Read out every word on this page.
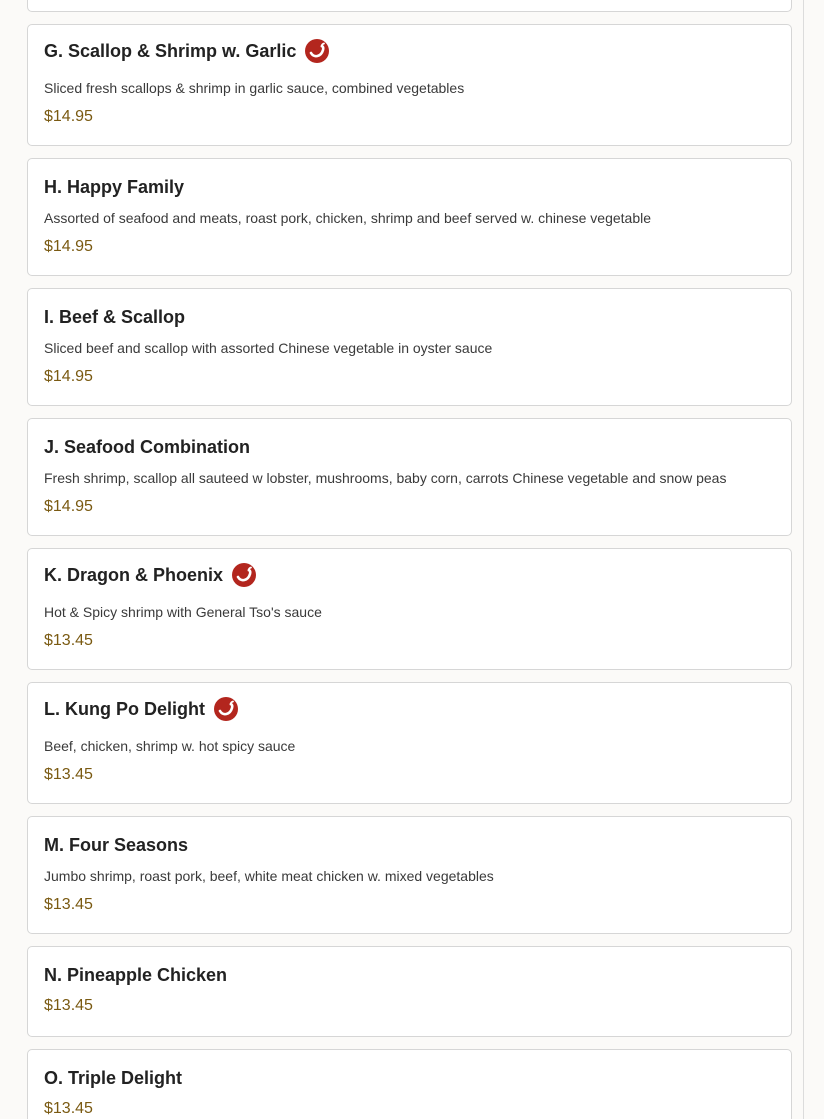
G. Scallop & Shrimp w. Garlic
Sliced fresh scallops & shrimp in garlic sauce, combined vegetables
$14.95
H. Happy Family
Assorted of seafood and meats, roast pork, chicken, shrimp and beef served w. chinese vegetable
$14.95
I. Beef & Scallop
Sliced beef and scallop with assorted Chinese vegetable in oyster sauce
$14.95
J. Seafood Combination
Fresh shrimp, scallop all sauteed w lobster, mushrooms, baby corn, carrots Chinese vegetable and snow peas
$14.95
K. Dragon & Phoenix
Hot & Spicy shrimp with General Tso's sauce
$13.45
L. Kung Po Delight
Beef, chicken, shrimp w. hot spicy sauce
$13.45
M. Four Seasons
Jumbo shrimp, roast pork, beef, white meat chicken w. mixed vegetables
$13.45
N. Pineapple Chicken
$13.45
O. Triple Delight
$13.45
